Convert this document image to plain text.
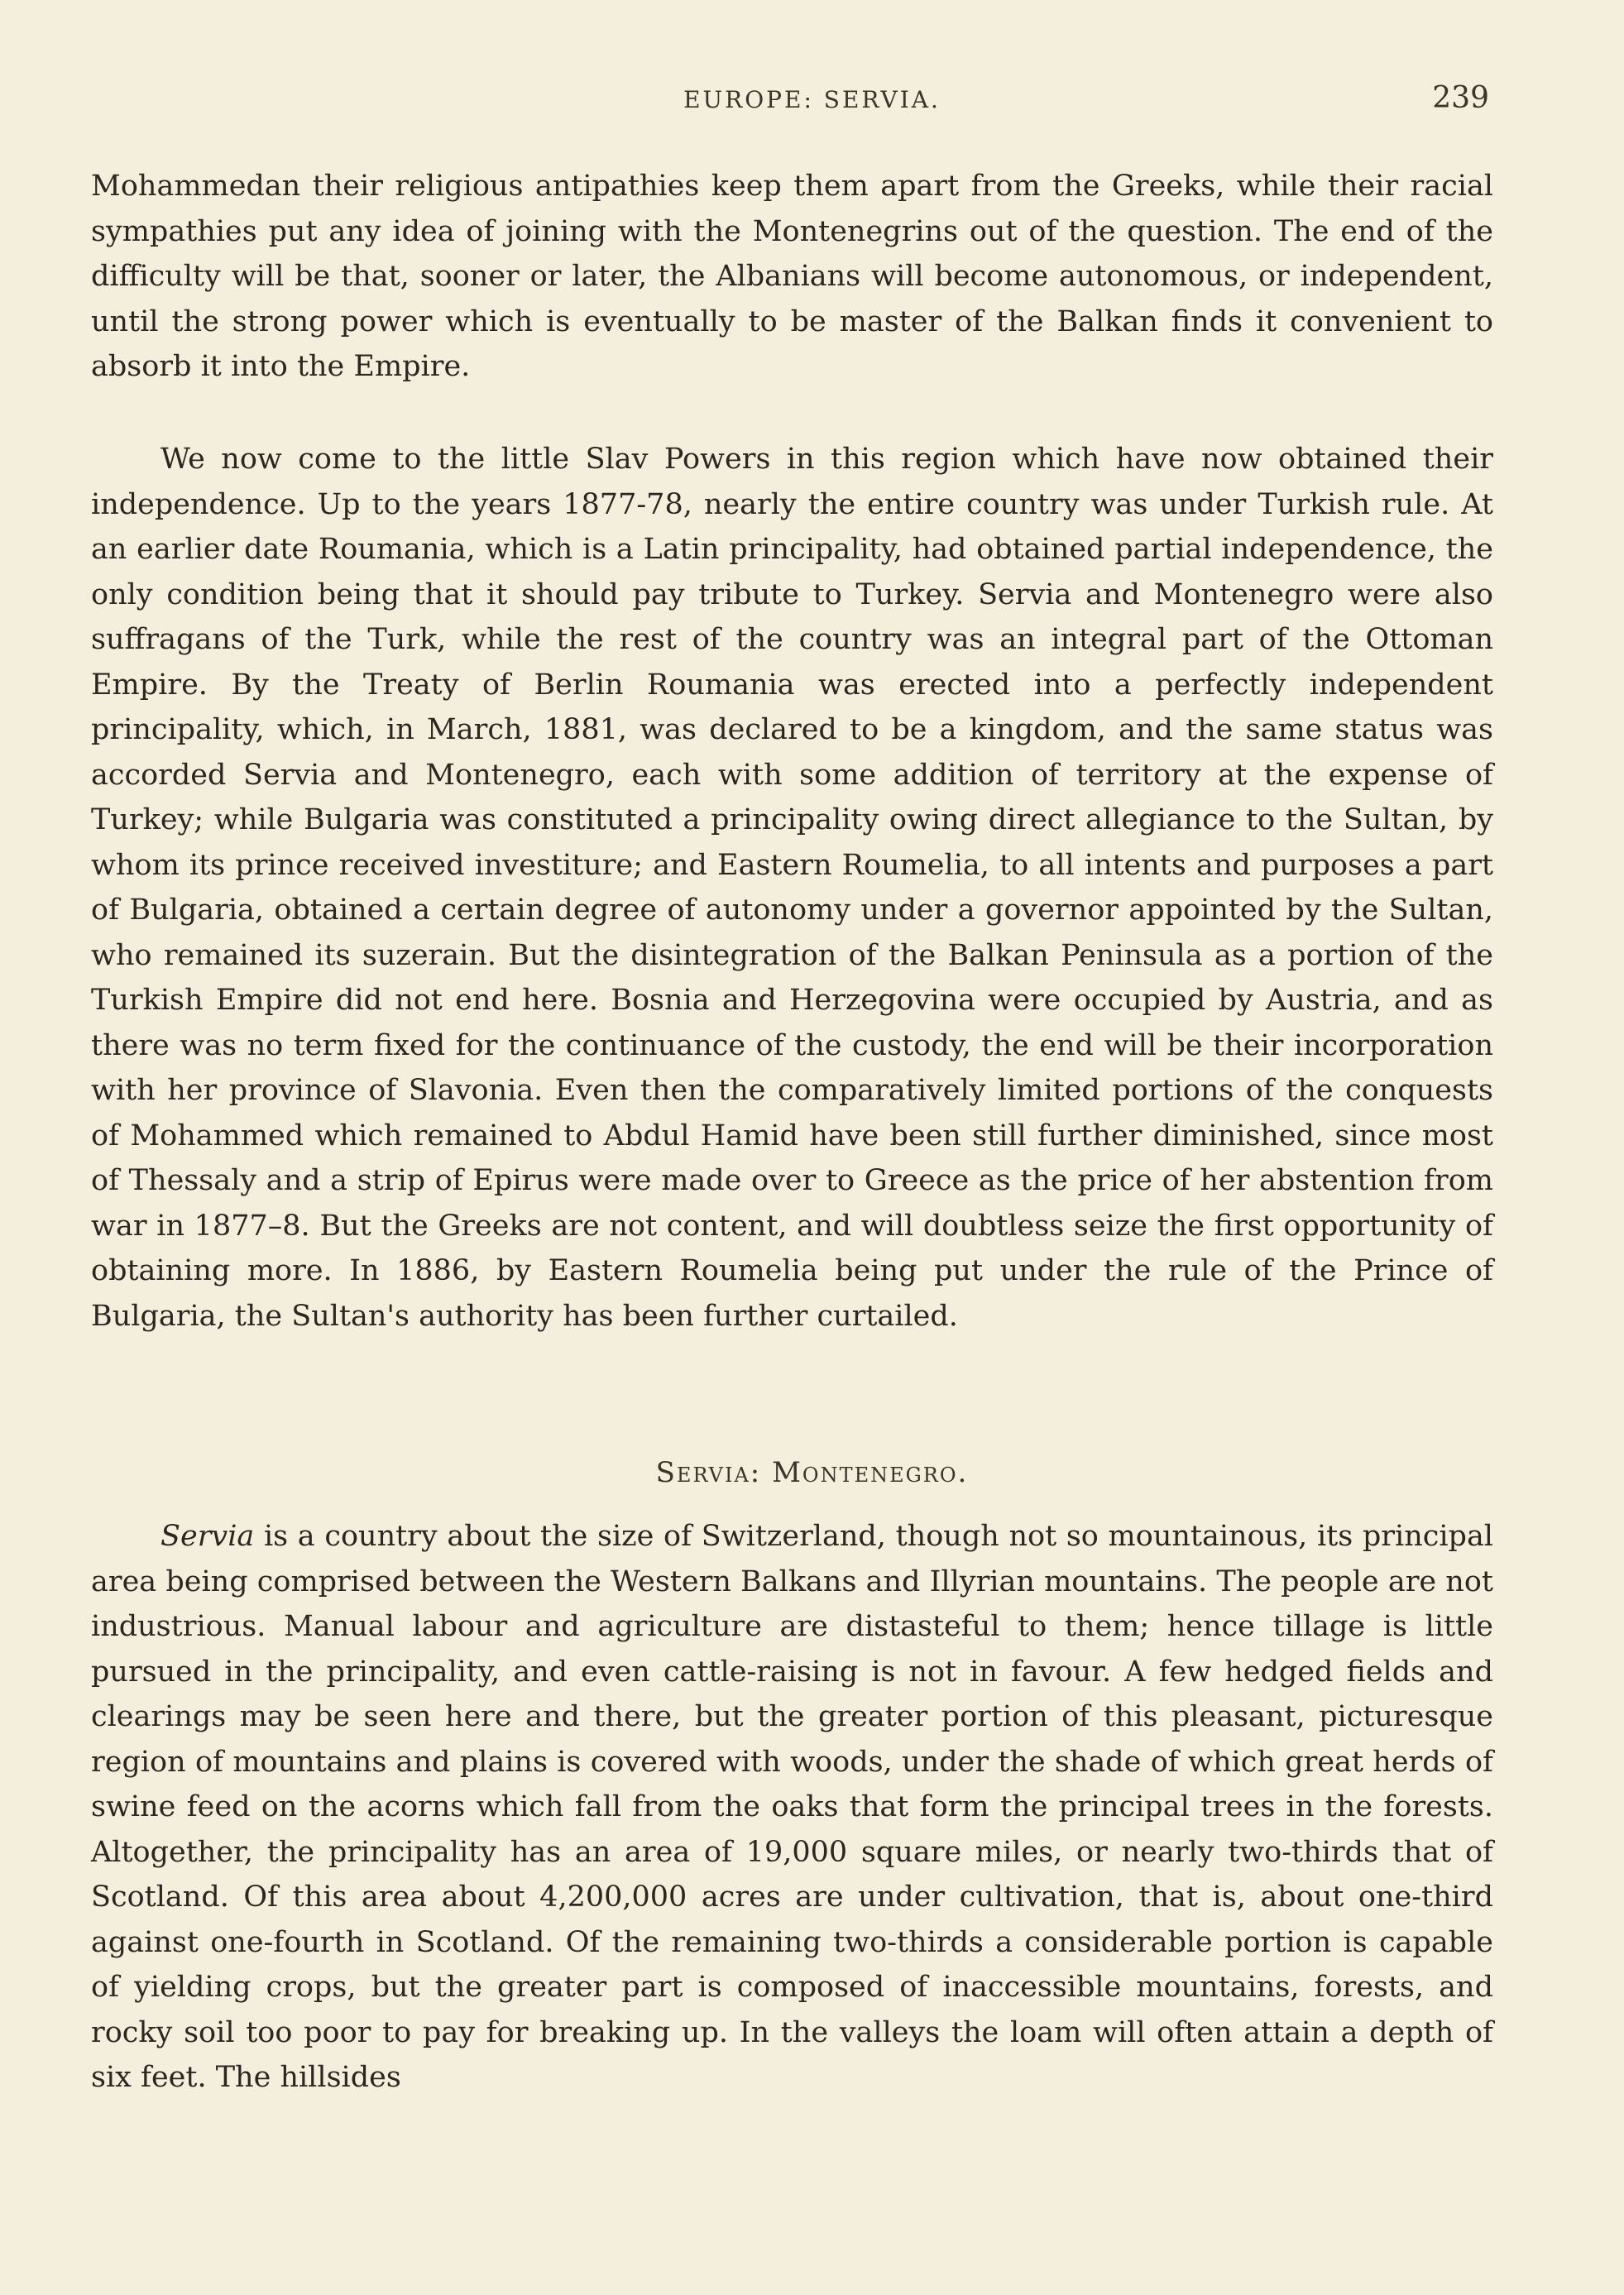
EUROPE: SERVIA.	239

Mohammedan their religious antipathies keep them apart from the Greeks, while their racial sympathies put any idea of joining with the Montenegrins out of the question. The end of the difficulty will be that, sooner or later, the Albanians will become autonomous, or independent, until the strong power which is eventually to be master of the Balkan finds it convenient to absorb it into the Empire.

We now come to the little Slav Powers in this region which have now obtained their independence. Up to the years 1877-78, nearly the entire country was under Turkish rule. At an earlier date Roumania, which is a Latin principality, had obtained partial independence, the only condition being that it should pay tribute to Turkey. Servia and Montenegro were also suffragans of the Turk, while the rest of the country was an integral part of the Ottoman Empire. By the Treaty of Berlin Roumania was erected into a perfectly independent principality, which, in March, 1881, was declared to be a kingdom, and the same status was accorded Servia and Montenegro, each with some addition of territory at the expense of Turkey; while Bulgaria was constituted a principality owing direct allegiance to the Sultan, by whom its prince received investiture; and Eastern Roumelia, to all intents and purposes a part of Bulgaria, obtained a certain degree of autonomy under a governor appointed by the Sultan, who remained its suzerain. But the disintegration of the Balkan Peninsula as a portion of the Turkish Empire did not end here. Bosnia and Herzegovina were occupied by Austria, and as there was no term fixed for the continuance of the custody, the end will be their incorporation with her province of Slavonia. Even then the comparatively limited portions of the conquests of Mohammed which remained to Abdul Hamid have been still further diminished, since most of Thessaly and a strip of Epirus were made over to Greece as the price of her abstention from war in 1877–8. But the Greeks are not content, and will doubtless seize the first opportunity of obtaining more. In 1886, by Eastern Roumelia being put under the rule of the Prince of Bulgaria, the Sultan's authority has been further curtailed.

Servia: Montenegro.

Servia is a country about the size of Switzerland, though not so mountainous, its principal area being comprised between the Western Balkans and Illyrian mountains. The people are not industrious. Manual labour and agriculture are distasteful to them; hence tillage is little pursued in the principality, and even cattle-raising is not in favour. A few hedged fields and clearings may be seen here and there, but the greater portion of this pleasant, picturesque region of mountains and plains is covered with woods, under the shade of which great herds of swine feed on the acorns which fall from the oaks that form the principal trees in the forests. Altogether, the principality has an area of 19,000 square miles, or nearly two-thirds that of Scotland. Of this area about 4,200,000 acres are under cultivation, that is, about one-third against one-fourth in Scotland. Of the remaining two-thirds a considerable portion is capable of yielding crops, but the greater part is composed of inaccessible mountains, forests, and rocky soil too poor to pay for breaking up. In the valleys the loam will often attain a depth of six feet. The hillsides
